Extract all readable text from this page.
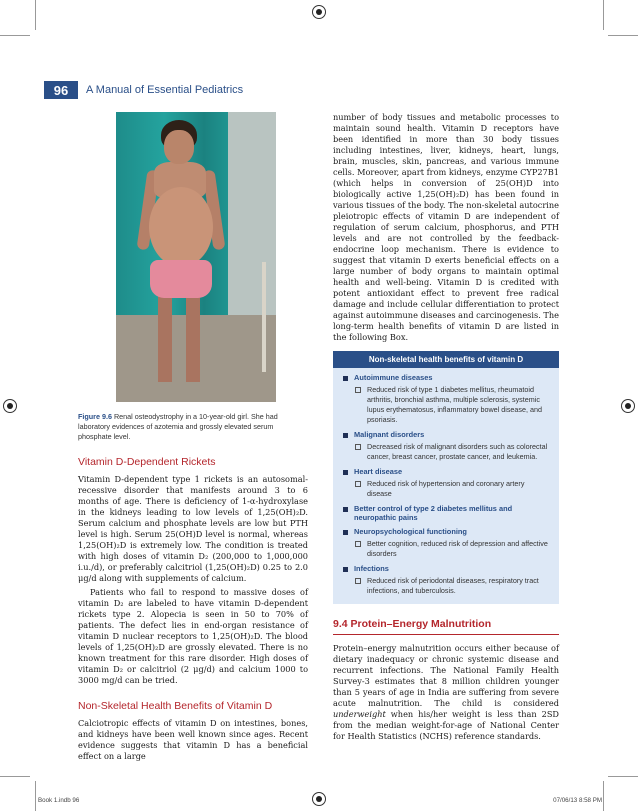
96	A Manual of Essential Pediatrics
Figure 9.6 Renal osteodystrophy in a 10-year-old girl. She had laboratory evidences of azotemia and grossly elevated serum phosphate level.
Vitamin D-Dependent Rickets

Vitamin D-dependent type 1 rickets is an autosomal-recessive disorder that manifests around 3 to 6 months of age. There is deficiency of 1-α-hydroxylase in the kidneys leading to low levels of 1,25(OH)₂D. Serum calcium and phosphate levels are low but PTH level is high. Serum 25(OH)D level is normal, whereas 1,25(OH)₂D is extremely low. The condition is treated with high doses of vitamin D₂ (200,000 to 1,000,000 i.u./d), or preferably calcitriol (1,25(OH)₂D) 0.25 to 2.0 μg/d along with supplements of calcium.

Patients who fail to respond to massive doses of vitamin D₂ are labeled to have vitamin D-dependent rickets type 2. Alopecia is seen in 50 to 70% of patients. The defect lies in end-organ resistance of vitamin D nuclear receptors to 1,25(OH)₂D. The blood levels of 1,25(OH)₂D are grossly elevated. There is no known treatment for this rare disorder. High doses of vitamin D₂ or calcitriol (2 μg/d) and calcium 1000 to 3000 mg/d can be tried.

Non-Skeletal Health Benefits of Vitamin D

Calciotropic effects of vitamin D on intestines, bones, and kidneys have been well known since ages. Recent evidence suggests that vitamin D has a beneficial effect on a large

number of body tissues and metabolic processes to maintain sound health. Vitamin D receptors have been identified in more than 30 body tissues including intestines, liver, kidneys, heart, lungs, brain, muscles, skin, pancreas, and various immune cells. Moreover, apart from kidneys, enzyme CYP27B1 (which helps in conversion of 25(OH)D into biologically active 1,25(OH)₂D) has been found in various tissues of the body. The non-skeletal autocrine pleiotropic effects of vitamin D are independent of regulation of serum calcium, phosphorus, and PTH levels and are not controlled by the feedback-endocrine loop mechanism. There is evidence to suggest that vitamin D exerts beneficial effects on a large number of body organs to maintain optimal health and well-being. Vitamin D is credited with potent antioxidant effect to prevent free radical damage and include cellular differentiation to protect against autoimmune diseases and carcinogenesis. The long-term health benefits of vitamin D are listed in the following Box.

Non-skeletal health benefits of vitamin D
Autoimmune diseases
Reduced risk of type 1 diabetes mellitus, rheumatoid arthritis, bronchial asthma, multiple sclerosis, systemic lupus erythematosus, inflammatory bowel disease, and psoriasis.
Malignant disorders
Decreased risk of malignant disorders such as colorectal cancer, breast cancer, prostate cancer, and leukemia.
Heart disease
Reduced risk of hypertension and coronary artery disease
Better control of type 2 diabetes mellitus and neuropathic pains
Neuropsychological functioning
Better cognition, reduced risk of depression and affective disorders
Infections
Reduced risk of periodontal diseases, respiratory tract infections, and tuberculosis.
9.4 Protein–Energy Malnutrition

Protein–energy malnutrition occurs either because of dietary inadequacy or chronic systemic disease and recurrent infections. The National Family Health Survey-3 estimates that 8 million children younger than 5 years of age in India are suffering from severe acute malnutrition. The child is considered underweight when his/her weight is less than 2SD from the median weight-for-age of National Center for Health Statistics (NCHS) reference standards.

Book 1.indb 96	07/06/13 8:58 PM
